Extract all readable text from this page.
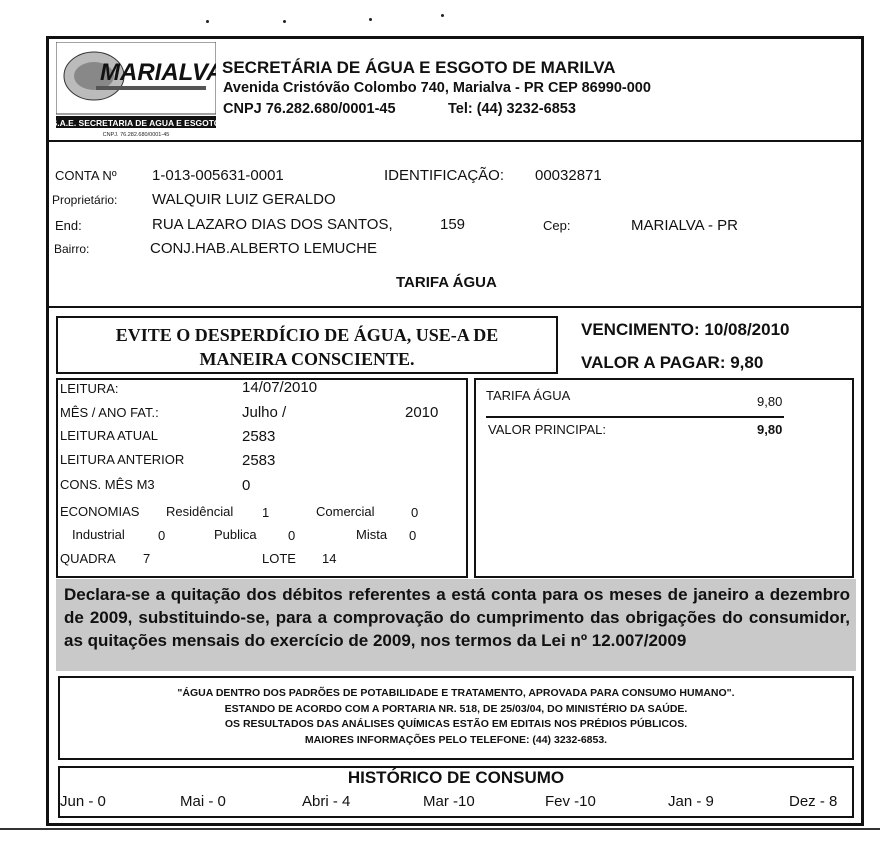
MARIALVA
S.A.E. SECRETARIA DE AGUA E ESGOTO
CNPJ. 76.282.680/0001-45
SECRETÁRIA DE ÁGUA E ESGOTO DE MARILVA
Avenida Cristóvão Colombo 740, Marialva - PR CEP 86990-000
CNPJ 76.282.680/0001-45	Tel: (44) 3232-6853
CONTA Nº 1-013-005631-0001	IDENTIFICAÇÃO: 00032871
Proprietário: WALQUIR LUIZ GERALDO
End:	RUA LAZARO DIAS DOS SANTOS,	159	Cep:	MARIALVA - PR
Bairro:	CONJ.HAB.ALBERTO LEMUCHE
TARIFA ÁGUA
EVITE O DESPERDÍCIO DE ÁGUA, USE-A DE
MANEIRA CONSCIENTE.
VENCIMENTO: 10/08/2010
VALOR A PAGAR: 9,80
LEITURA:	14/07/2010
MÊS / ANO FAT.:	Julho /	2010
LEITURA ATUAL	2583
LEITURA ANTERIOR	2583
CONS. MÊS M3	0
ECONOMIAS Residêncial 1	Comercial	0
Industrial	0	Publica 0	Mista 0
QUADRA 7	LOTE 14
TARIFA ÁGUA	9,80
VALOR PRINCIPAL:	9,80
Declara-se a quitação dos débitos referentes a está conta para os meses de janeiro a dezembro de 2009, substituindo-se, para a comprovação do cumprimento das obrigações do consumidor, as quitações mensais do exercício de 2009, nos termos da Lei nº 12.007/2009
"ÁGUA DENTRO DOS PADRÕES DE POTABILIDADE E TRATAMENTO, APROVADA PARA CONSUMO HUMANO".
ESTANDO DE ACORDO COM A PORTARIA NR. 518, DE 25/03/04, DO MINISTÉRIO DA SAÚDE.
OS RESULTADOS DAS ANÁLISES QUÍMICAS ESTÃO EM EDITAIS NOS PRÉDIOS PÚBLICOS.
MAIORES INFORMAÇÕES PELO TELEFONE: (44) 3232-6853.
HISTÓRICO DE CONSUMO
Jun - 0	Mai - 0	Abri - 4	Mar -10	Fev -10	Jan - 9	Dez - 8
